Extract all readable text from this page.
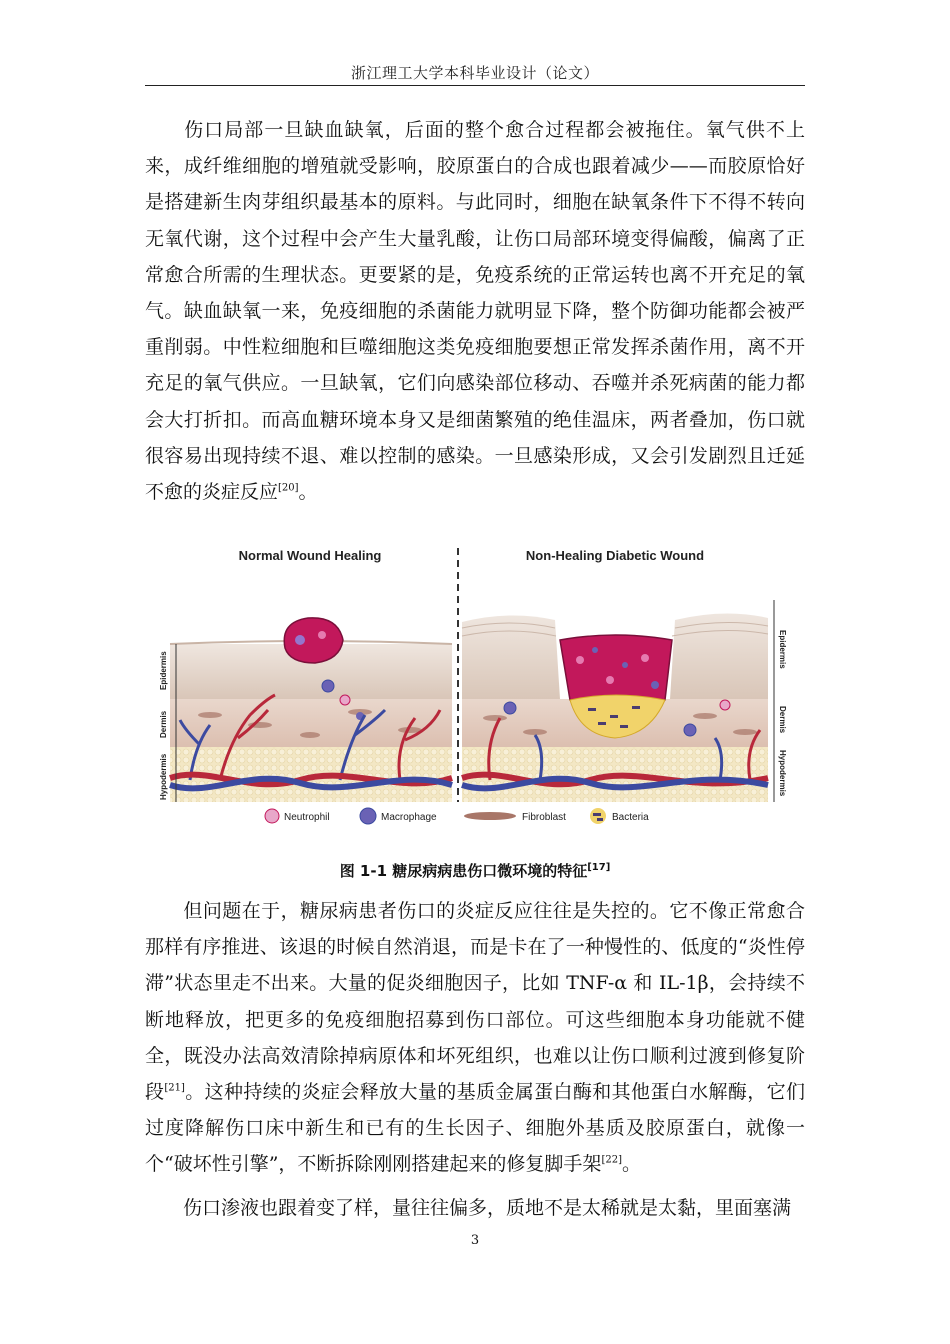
浙江理工大学本科毕业设计（论文）

伤口局部一旦缺血缺氧，后面的整个愈合过程都会被拖住。氧气供不上来，成纤维细胞的增殖就受影响，胶原蛋白的合成也跟着减少——而胶原恰好是搭建新生肉芽组织最基本的原料。与此同时，细胞在缺氧条件下不得不转向无氧代谢，这个过程中会产生大量乳酸，让伤口局部环境变得偏酸，偏离了正常愈合所需的生理状态。更要紧的是，免疫系统的正常运转也离不开充足的氧气。缺血缺氧一来，免疫细胞的杀菌能力就明显下降，整个防御功能都会被严重削弱。中性粒细胞和巨噬细胞这类免疫细胞要想正常发挥杀菌作用，离不开充足的氧气供应。一旦缺氧，它们向感染部位移动、吞噬并杀死病菌的能力都会大打折扣。而高血糖环境本身又是细菌繁殖的绝佳温床，两者叠加，伤口就很容易出现持续不退、难以控制的感染。一旦感染形成，又会引发剧烈且迁延不愈的炎症反应[20]。

Normal Wound Healing	Non-Healing Diabetic Wound
Epidermis
Dermis
Hypodermis
Epidermis
Dermis
Hypodermis
Neutrophil	Macrophage	Fibroblast	Bacteria
图 1-1 糖尿病病患伤口微环境的特征[17]

但问题在于，糖尿病患者伤口的炎症反应往往是失控的。它不像正常愈合那样有序推进、该退的时候自然消退，而是卡在了一种慢性的、低度的“炎性停滞”状态里走不出来。大量的促炎细胞因子，比如 TNF-α 和 IL-1β，会持续不断地释放，把更多的免疫细胞招募到伤口部位。可这些细胞本身功能就不健全，既没办法高效清除掉病原体和坏死组织，也难以让伤口顺利过渡到修复阶段[21]。这种持续的炎症会释放大量的基质金属蛋白酶和其他蛋白水解酶，它们过度降解伤口床中新生和已有的生长因子、细胞外基质及胶原蛋白，就像一个“破坏性引擎”，不断拆除刚刚搭建起来的修复脚手架[22]。

伤口渗液也跟着变了样，量往往偏多，质地不是太稀就是太黏，里面塞满

3
